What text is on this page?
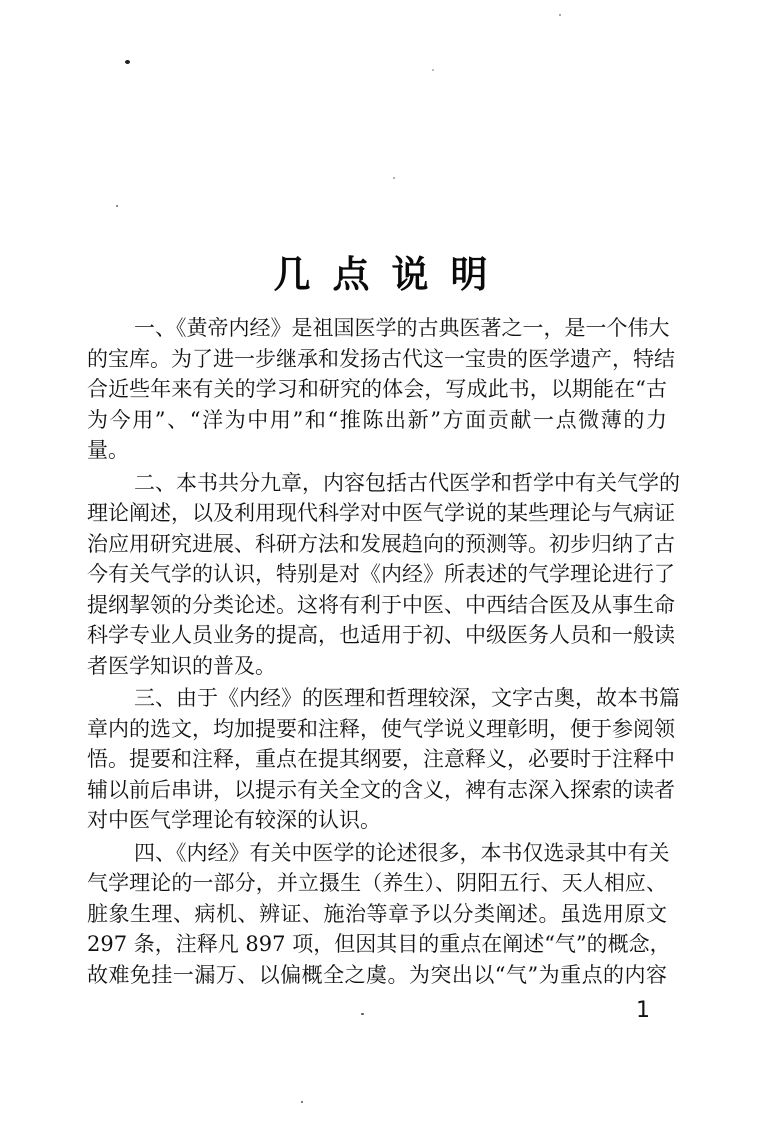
几点说明
一、《黄帝内经》是祖国医学的古典医著之一，是一个伟大
的宝库。为了进一步继承和发扬古代这一宝贵的医学遗产，特结
合近些年来有关的学习和研究的体会，写成此书，以期能在“古
为今用”、“洋为中用”和“推陈出新”方面贡献一点微薄的力
量。
二、本书共分九章，内容包括古代医学和哲学中有关气学的
理论阐述，以及利用现代科学对中医气学说的某些理论与气病证
治应用研究进展、科研方法和发展趋向的预测等。初步归纳了古
今有关气学的认识，特别是对《内经》所表述的气学理论进行了
提纲挈领的分类论述。这将有利于中医、中西结合医及从事生命
科学专业人员业务的提高，也适用于初、中级医务人员和一般读
者医学知识的普及。
三、由于《内经》的医理和哲理较深，文字古奥，故本书篇
章内的选文，均加提要和注释，使气学说义理彰明，便于参阅领
悟。提要和注释，重点在提其纲要，注意释义，必要时于注释中
辅以前后串讲，以提示有关全文的含义，裨有志深入探索的读者
对中医气学理论有较深的认识。
四、《内经》有关中医学的论述很多，本书仅选录其中有关
气学理论的一部分，并立摄生（养生）、阴阳五行、天人相应、
脏象生理、病机、辨证、施治等章予以分类阐述。虽选用原文
297 条，注释凡 897 项，但因其目的重点在阐述“气”的概念，
故难免挂一漏万、以偏概全之虞。为突出以“气”为重点的内容
1
